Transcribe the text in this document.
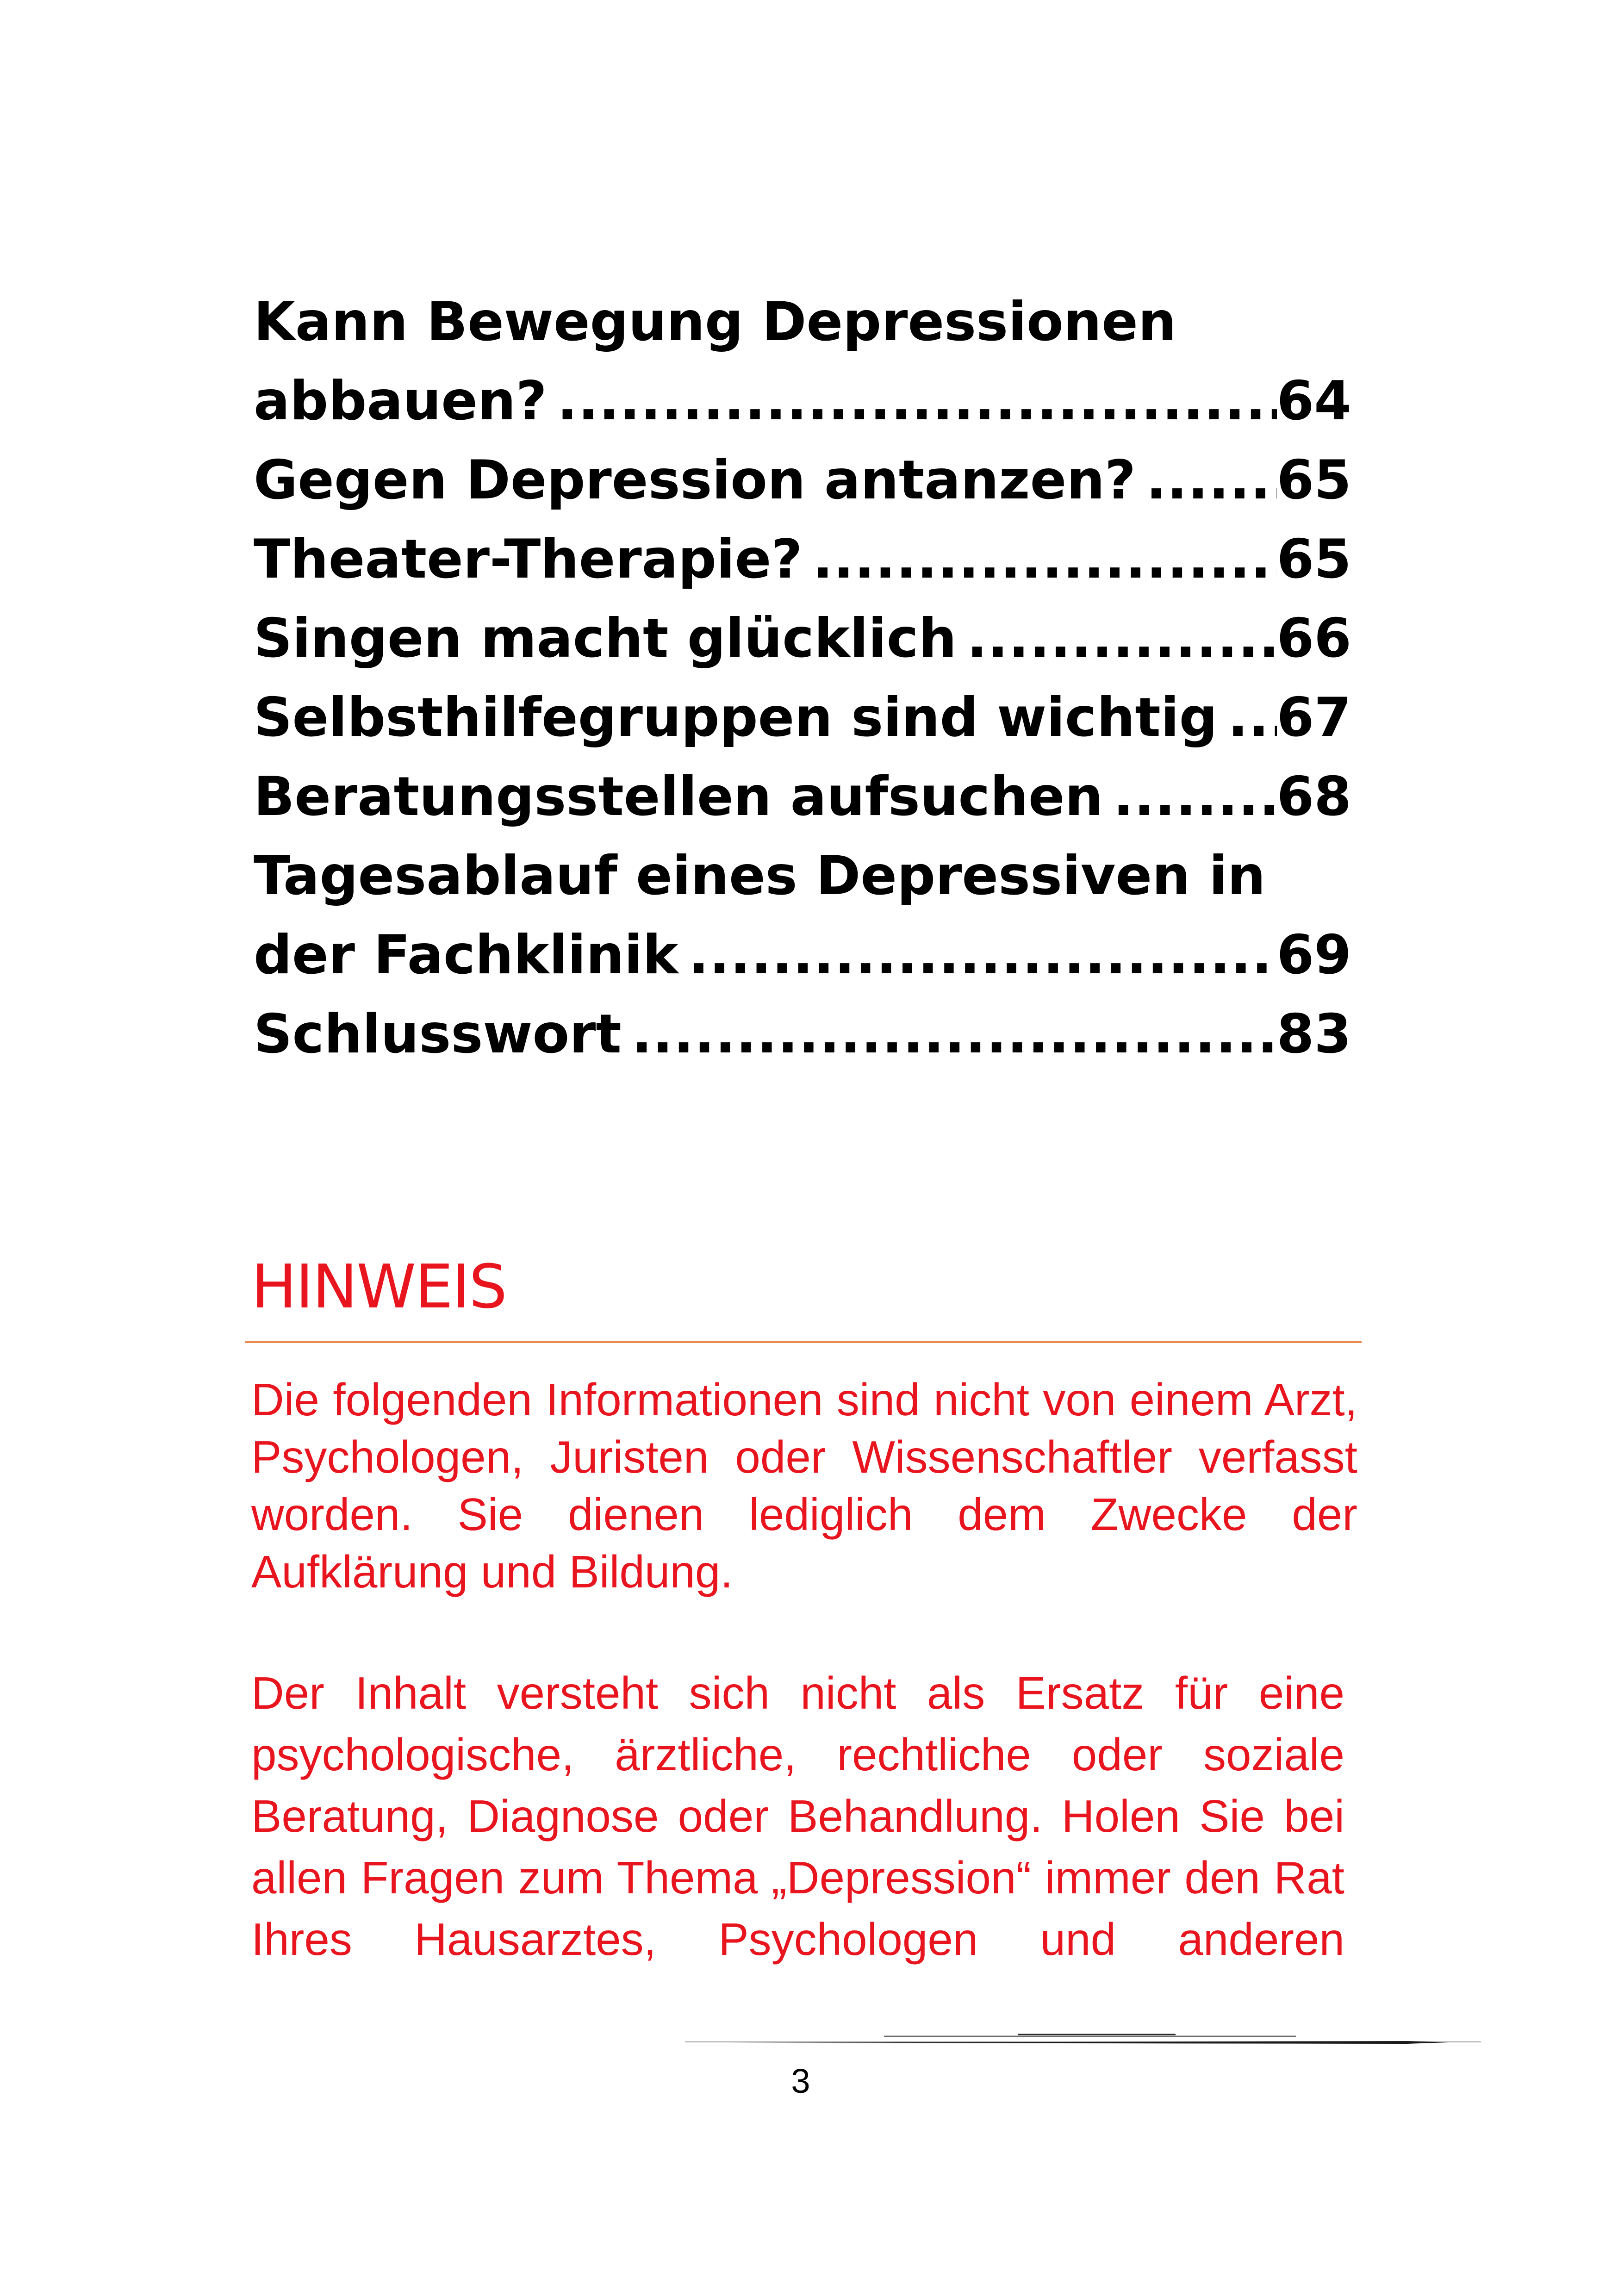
Kann Bewegung Depressionen
abbauen? .....	64
Gegen Depression antanzen? .....	65
Theater-Therapie? .....	65
Singen macht glücklich .....	66
Selbsthilfegruppen sind wichtig ..... 67
Beratungsstellen aufsuchen .....	68
Tagesablauf eines Depressiven in
der Fachklinik .....	69
Schlusswort .....	83
HINWEIS

Die folgenden Informationen sind nicht von einem Arzt, Psychologen, Juristen oder Wissenschaftler verfasst worden. Sie dienen lediglich dem Zwecke der Aufklärung und Bildung.

Der Inhalt versteht sich nicht als Ersatz für eine psychologische, ärztliche, rechtliche oder soziale Beratung, Diagnose oder Behandlung. Holen Sie bei allen Fragen zum Thema „Depression“ immer den Rat Ihres Hausarztes, Psychologen und anderen

3
